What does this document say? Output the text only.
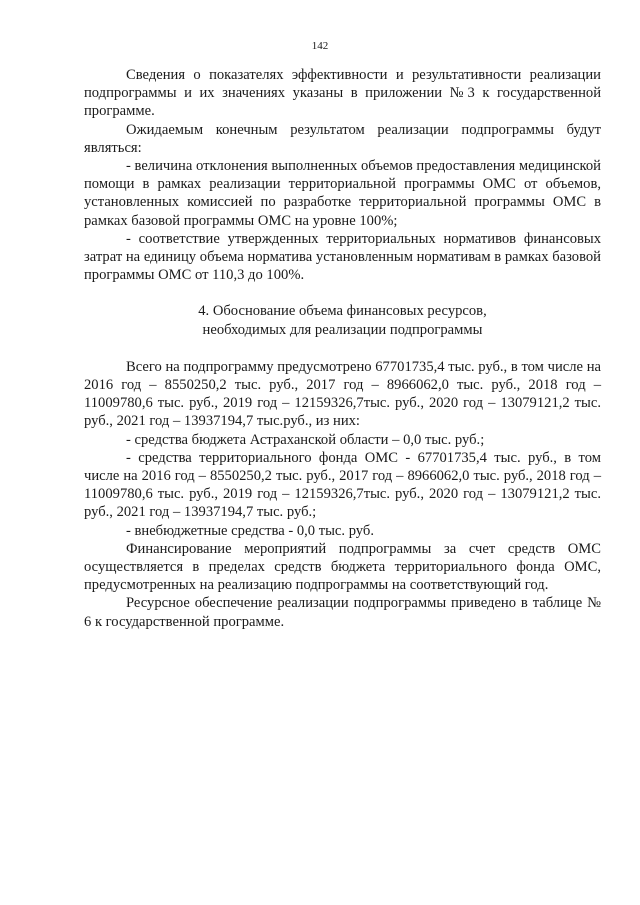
142

Сведения о показателях эффективности и результативности реализации подпрограммы и их значениях указаны в приложении №3 к государственной программе.

Ожидаемым конечным результатом реализации подпрограммы будут являться:

- величина отклонения выполненных объемов предоставления медицинской помощи в рамках реализации территориальной программы ОМС от объемов, установленных комиссией по разработке территориальной программы ОМС в рамках базовой программы ОМС на уровне 100%;

- соответствие утвержденных территориальных нормативов финансовых затрат на единицу объема норматива установленным нормативам в рамках базовой программы ОМС от 110,3 до 100%.

4. Обоснование объема финансовых ресурсов,
необходимых для реализации подпрограммы

Всего на подпрограмму предусмотрено 67701735,4 тыс. руб., в том числе на 2016 год – 8550250,2 тыс. руб., 2017 год – 8966062,0 тыс. руб., 2018 год – 11009780,6 тыс. руб., 2019 год – 12159326,7тыс. руб., 2020 год – 13079121,2 тыс. руб., 2021 год – 13937194,7 тыс.руб., из них:

- средства бюджета Астраханской области – 0,0 тыс. руб.;

- средства территориального фонда ОМС - 67701735,4 тыс. руб., в том числе на 2016 год – 8550250,2 тыс. руб., 2017 год – 8966062,0 тыс. руб., 2018 год – 11009780,6 тыс. руб., 2019 год – 12159326,7тыс. руб., 2020 год – 13079121,2 тыс. руб., 2021 год – 13937194,7 тыс. руб.;

- внебюджетные средства - 0,0 тыс. руб.

Финансирование мероприятий подпрограммы за счет средств ОМС осуществляется в пределах средств бюджета территориального фонда ОМС, предусмотренных на реализацию подпрограммы на соответствующий год.

Ресурсное обеспечение реализации подпрограммы приведено в таблице № 6 к государственной программе.
